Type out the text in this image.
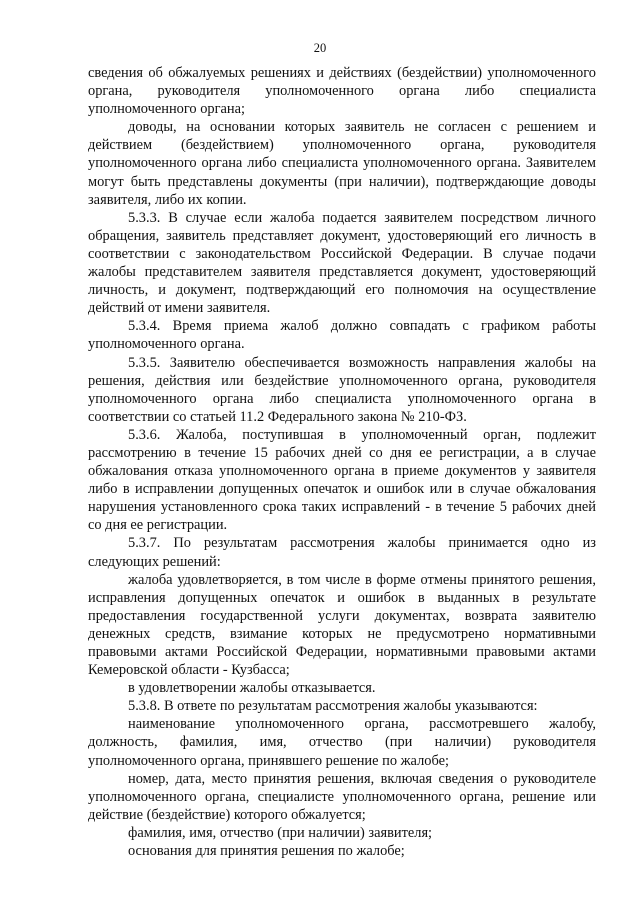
20

сведения об обжалуемых решениях и действиях (бездействии) уполномоченного органа, руководителя уполномоченного органа либо специалиста уполномоченного органа;

доводы, на основании которых заявитель не согласен с решением и действием (бездействием) уполномоченного органа, руководителя уполномоченного органа либо специалиста уполномоченного органа. Заявителем могут быть представлены документы (при наличии), подтверждающие доводы заявителя, либо их копии.

5.3.3. В случае если жалоба подается заявителем посредством личного обращения, заявитель представляет документ, удостоверяющий его личность в соответствии с законодательством Российской Федерации. В случае подачи жалобы представителем заявителя представляется документ, удостоверяющий личность, и документ, подтверждающий его полномочия на осуществление действий от имени заявителя.

5.3.4. Время приема жалоб должно совпадать с графиком работы уполномоченного органа.

5.3.5. Заявителю обеспечивается возможность направления жалобы на решения, действия или бездействие уполномоченного органа, руководителя уполномоченного органа либо специалиста уполномоченного органа в соответствии со статьей 11.2 Федерального закона № 210-ФЗ.

5.3.6. Жалоба, поступившая в уполномоченный орган, подлежит рассмотрению в течение 15 рабочих дней со дня ее регистрации, а в случае обжалования отказа уполномоченного органа в приеме документов у заявителя либо в исправлении допущенных опечаток и ошибок или в случае обжалования нарушения установленного срока таких исправлений - в течение 5 рабочих дней со дня ее регистрации.

5.3.7. По результатам рассмотрения жалобы принимается одно из следующих решений:

жалоба удовлетворяется, в том числе в форме отмены принятого решения, исправления допущенных опечаток и ошибок в выданных в результате предоставления государственной услуги документах, возврата заявителю денежных средств, взимание которых не предусмотрено нормативными правовыми актами Российской Федерации, нормативными правовыми актами Кемеровской области - Кузбасса;

в удовлетворении жалобы отказывается.

5.3.8. В ответе по результатам рассмотрения жалобы указываются:

наименование уполномоченного органа, рассмотревшего жалобу, должность, фамилия, имя, отчество (при наличии) руководителя уполномоченного органа, принявшего решение по жалобе;

номер, дата, место принятия решения, включая сведения о руководителе уполномоченного органа, специалисте уполномоченного органа, решение или действие (бездействие) которого обжалуется;

фамилия, имя, отчество (при наличии) заявителя;

основания для принятия решения по жалобе;
